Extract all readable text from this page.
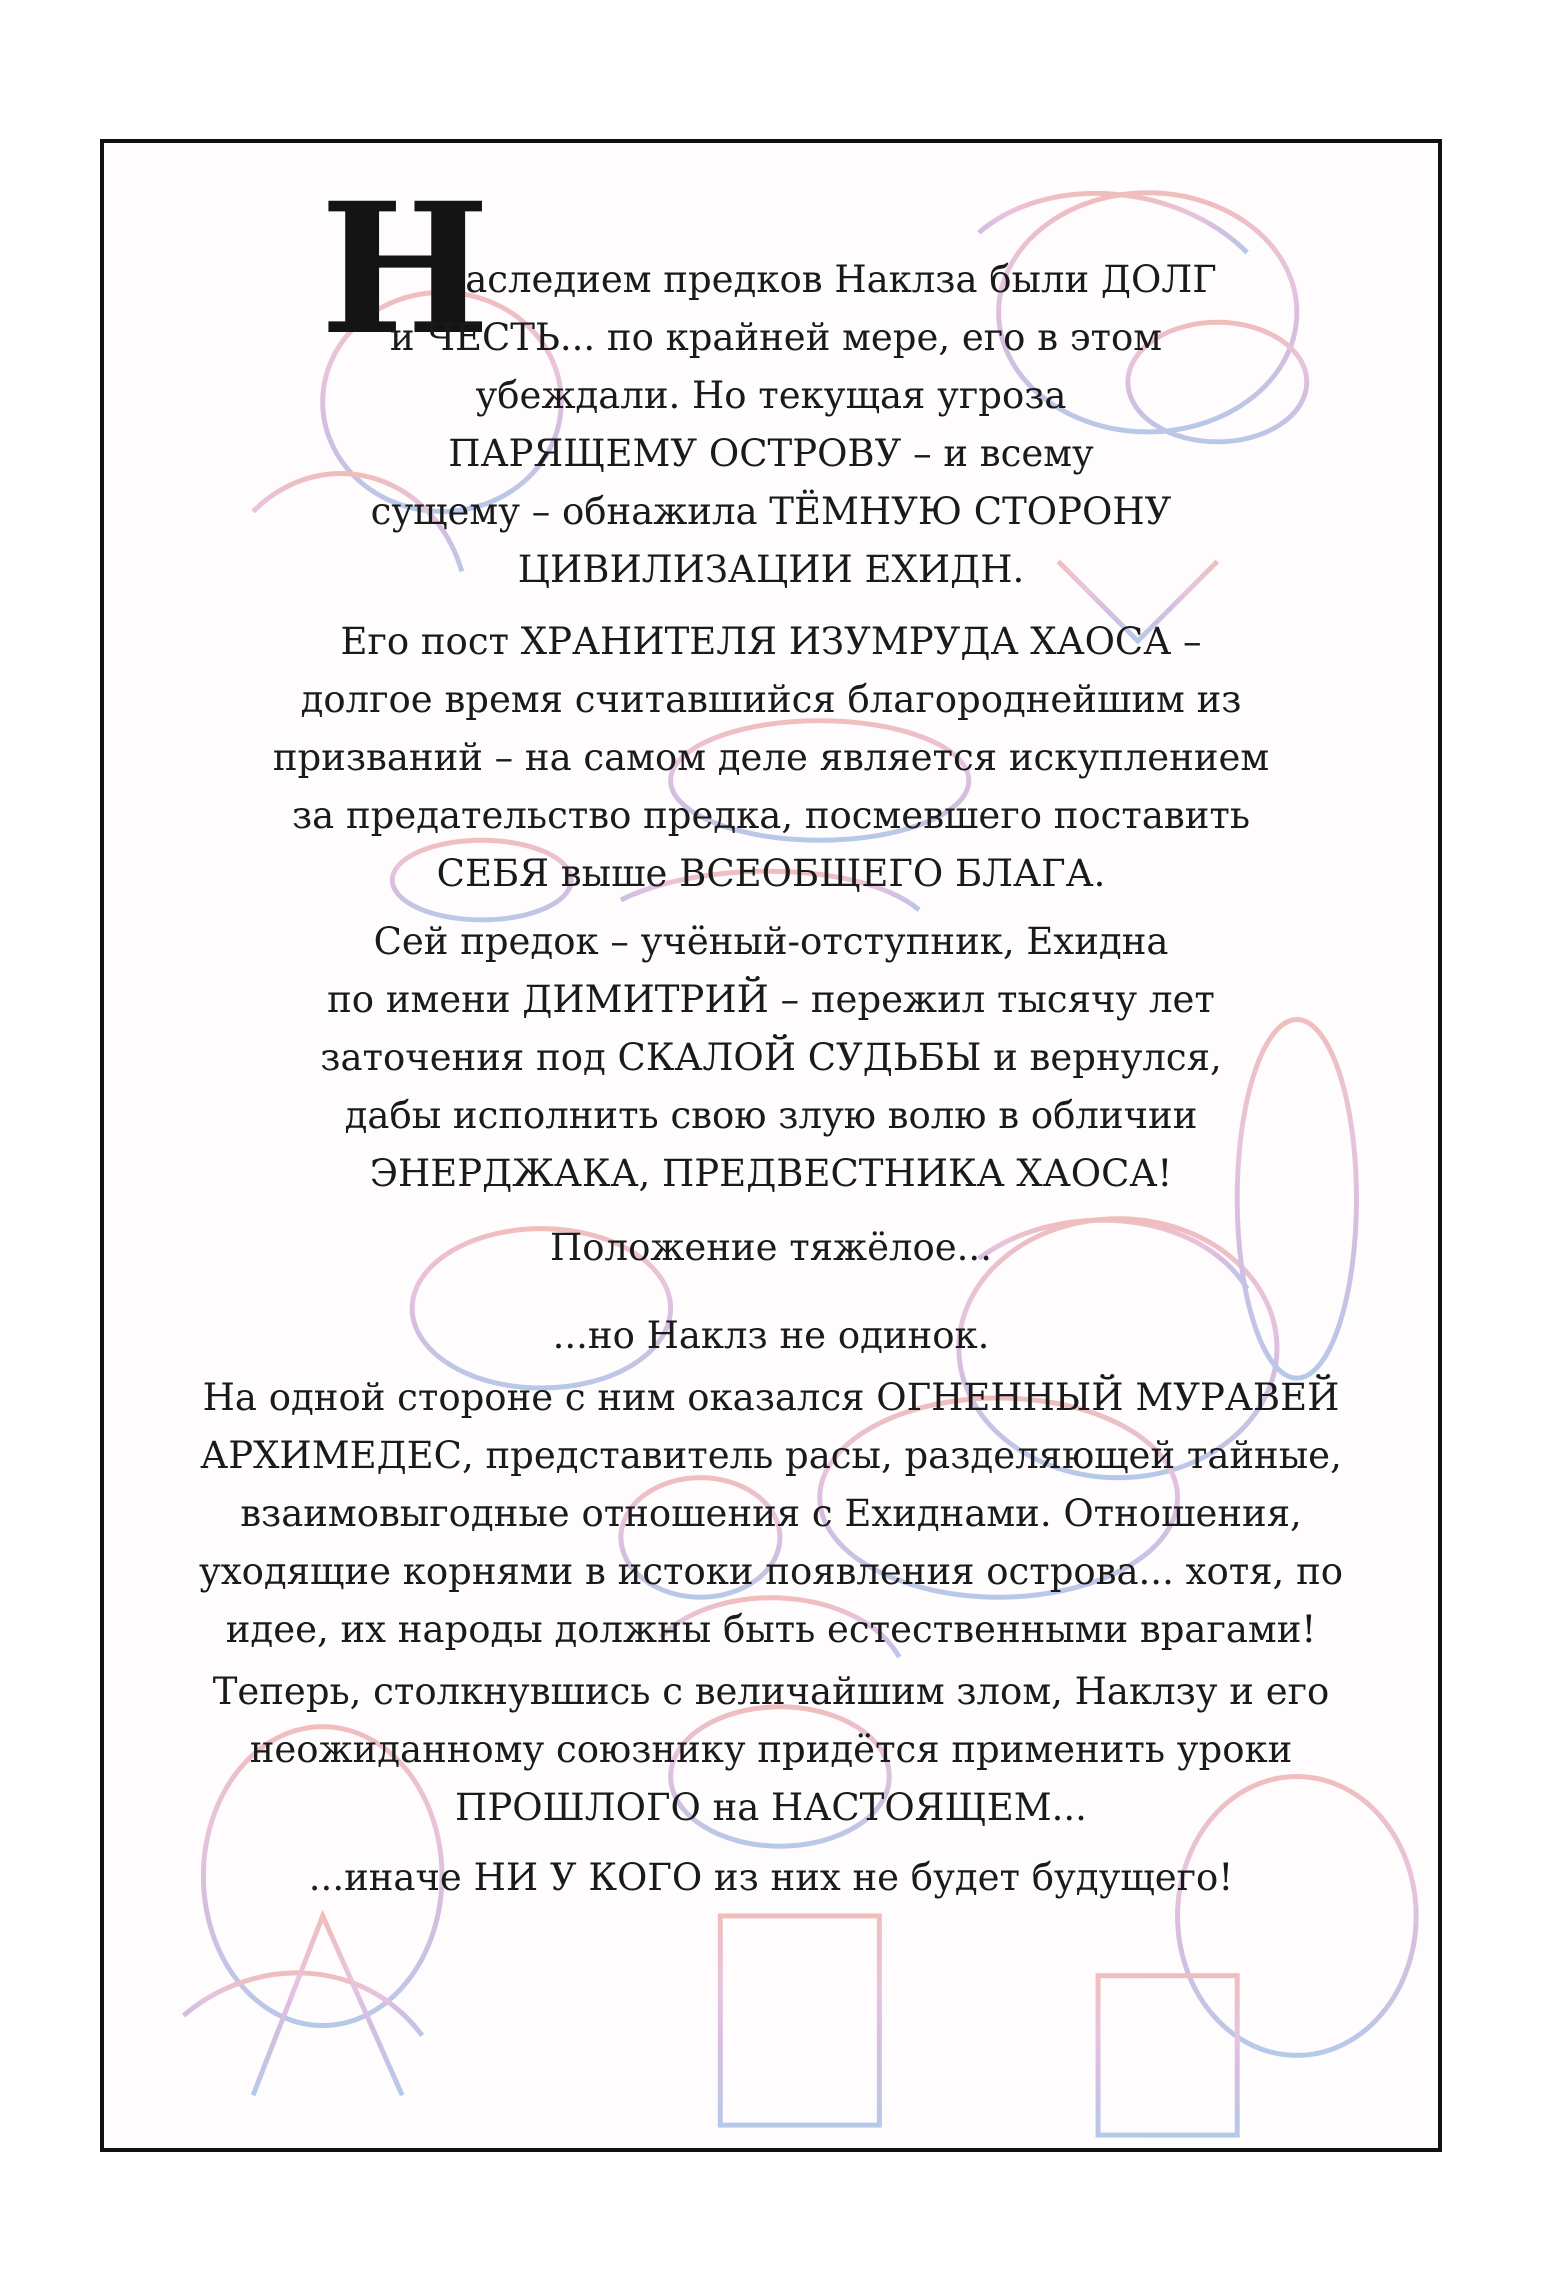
Н
аследием предков Наклза были ДОЛГ
и ЧЕСТЬ... по крайней мере, его в этом
убеждали. Но текущая угроза
ПАРЯЩЕМУ ОСТРОВУ – и всему
сущему – обнажила ТЁМНУЮ СТОРОНУ
ЦИВИЛИЗАЦИИ ЕХИДН.
Его пост ХРАНИТЕЛЯ ИЗУМРУДА ХАОСА –
долгое время считавшийся благороднейшим из
призваний – на самом деле является искуплением
за предательство предка, посмевшего поставить
СЕБЯ выше ВСЕОБЩЕГО БЛАГА.
Сей предок – учёный-отступник, Ехидна
по имени ДИМИТРИЙ – пережил тысячу лет
заточения под СКАЛОЙ СУДЬБЫ и вернулся,
дабы исполнить свою злую волю в обличии
ЭНЕРДЖАКА, ПРЕДВЕСТНИКА ХАОСА!
Положение тяжёлое...
...но Наклз не одинок.
На одной стороне с ним оказался ОГНЕННЫЙ МУРАВЕЙ
АРХИМЕДЕС, представитель расы, разделяющей тайные,
взаимовыгодные отношения с Ехиднами. Отношения,
уходящие корнями в истоки появления острова... хотя, по
идее, их народы должны быть естественными врагами!
Теперь, столкнувшись с величайшим злом, Наклзу и его
неожиданному союзнику придётся применить уроки
ПРОШЛОГО на НАСТОЯЩЕМ...
...иначе НИ У КОГО из них не будет будущего!
